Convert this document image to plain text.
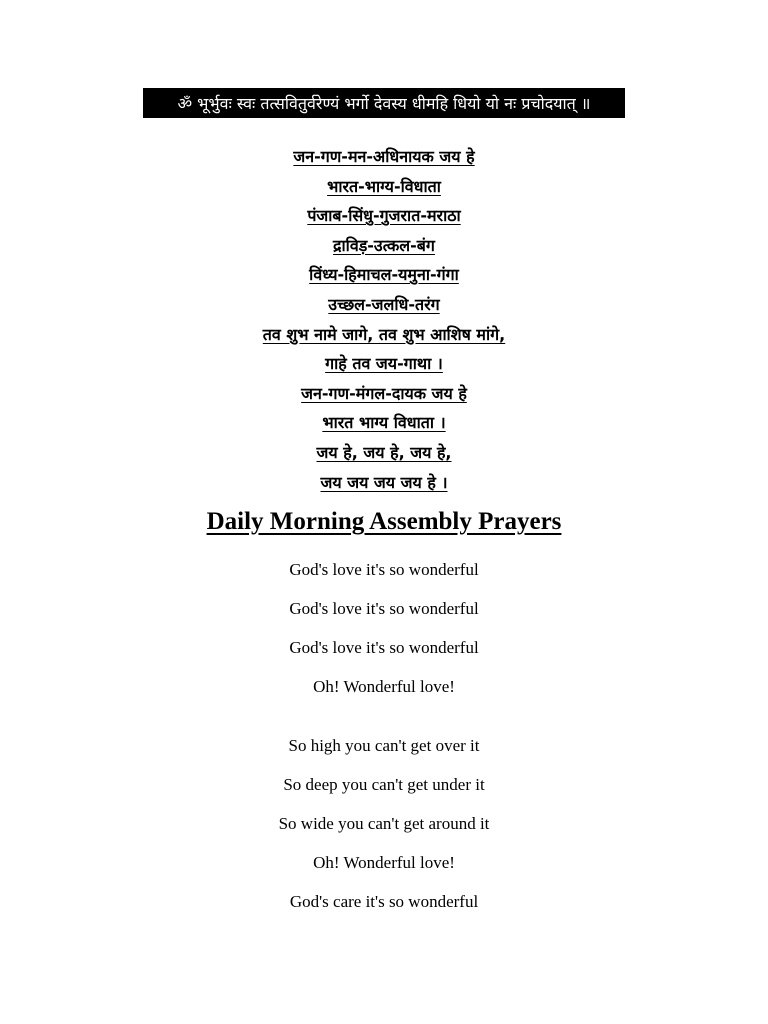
ॐ भूर्भुवः स्वः तत्सवितुर्वरेण्यं भर्गो देवस्य धीमहि धियो यो नः प्रचोदयात् ॥
जन-गण-मन-अधिनायक जय हे
भारत-भाग्य-विधाता
पंजाब-सिंधु-गुजरात-मराठा
द्राविड़-उत्कल-बंग
विंध्य-हिमाचल-यमुना-गंगा
उच्छल-जलधि-तरंग
तव शुभ नामे जागे, तव शुभ आशिष मांगे,
गाहे तव जय-गाथा ।
जन-गण-मंगल-दायक जय हे
भारत भाग्य विधाता ।
जय हे, जय हे, जय हे,
जय जय जय जय हे ।
Daily Morning Assembly Prayers
God's love it's so wonderful
God's love it's so wonderful
God's love it's so wonderful
Oh! Wonderful love!
So high you can't get over it
So deep you can't get under it
So wide you can't get around it
Oh! Wonderful love!
God's care it's so wonderful
